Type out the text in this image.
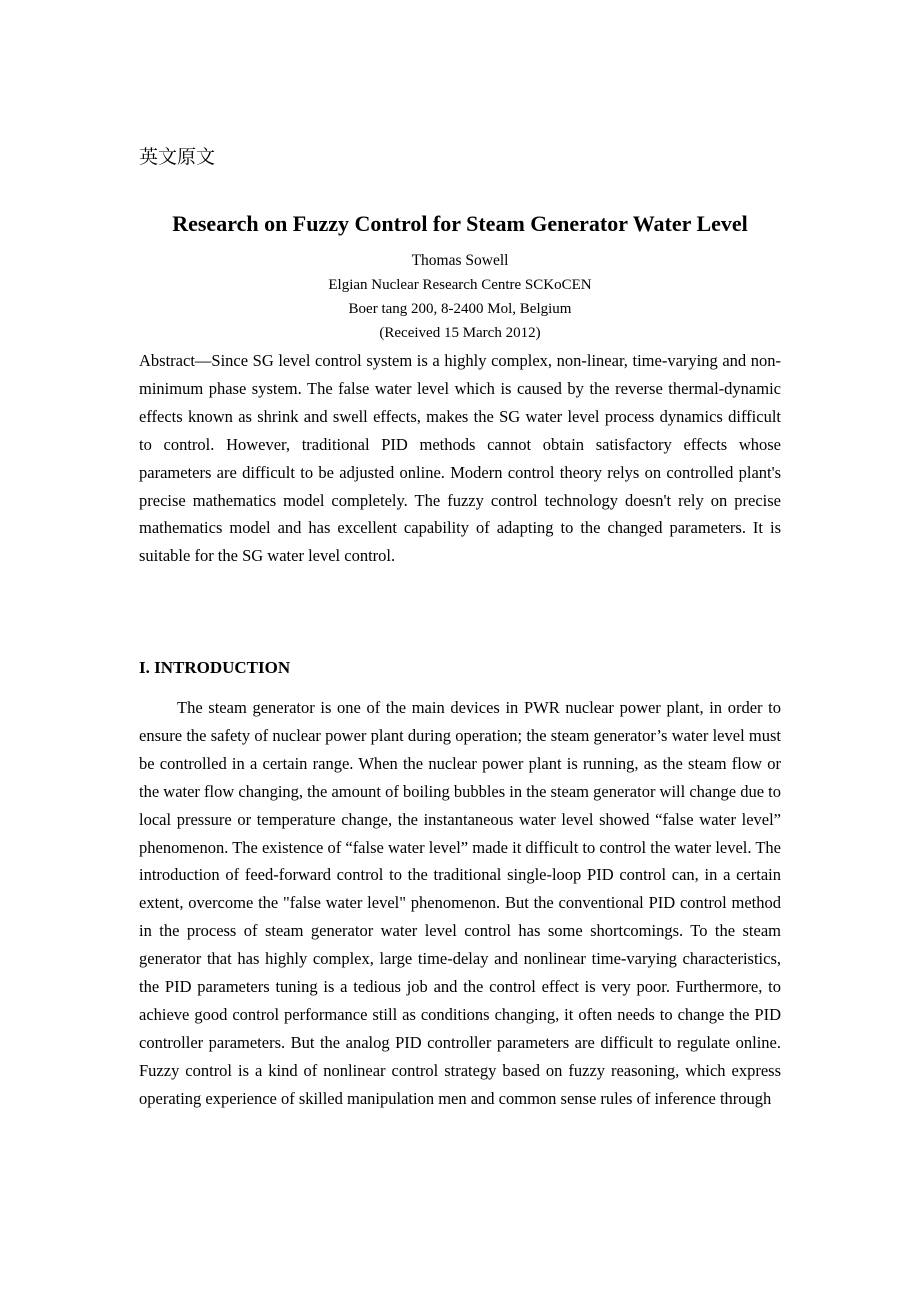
英文原文
Research on Fuzzy Control for Steam Generator Water Level
Thomas Sowell
Elgian Nuclear Research Centre SCKoCEN
Boer tang 200, 8-2400 Mol, Belgium
(Received 15 March 2012)

Abstract—Since SG level control system is a highly complex, non-linear, time-varying and non-minimum phase system. The false water level which is caused by the reverse thermal-dynamic effects known as shrink and swell effects, makes the SG water level process dynamics difficult to control. However, traditional PID methods cannot obtain satisfactory effects whose parameters are difficult to be adjusted online. Modern control theory relys on controlled plant's precise mathematics model completely. The fuzzy control technology doesn't rely on precise mathematics model and has excellent capability of adapting to the changed parameters. It is suitable for the SG water level control.

I. INTRODUCTION

The steam generator is one of the main devices in PWR nuclear power plant, in order to ensure the safety of nuclear power plant during operation; the steam generator’s water level must be controlled in a certain range. When the nuclear power plant is running, as the steam flow or the water flow changing, the amount of boiling bubbles in the steam generator will change due to local pressure or temperature change, the instantaneous water level showed “false water level” phenomenon. The existence of “false water level” made it difficult to control the water level. The introduction of feed-forward control to the traditional single-loop PID control can, in a certain extent, overcome the "false water level" phenomenon. But the conventional PID control method in the process of steam generator water level control has some shortcomings. To the steam generator that has highly complex, large time-delay and nonlinear time-varying characteristics, the PID parameters tuning is a tedious job and the control effect is very poor. Furthermore, to achieve good control performance still as conditions changing, it often needs to change the PID controller parameters. But the analog PID controller parameters are difficult to regulate online. Fuzzy control is a kind of nonlinear control strategy based on fuzzy reasoning, which express operating experience of skilled manipulation men and common sense rules of inference through
